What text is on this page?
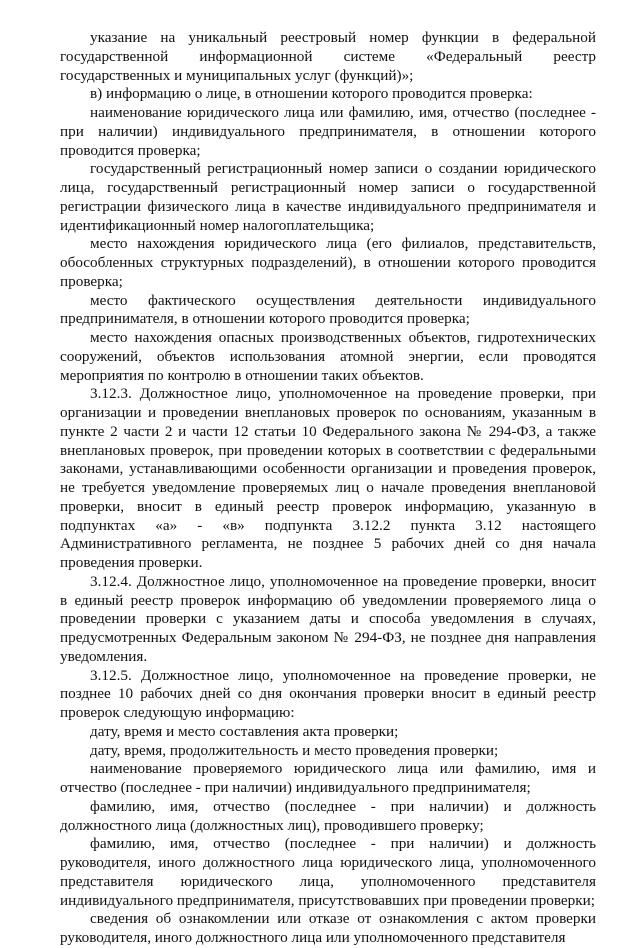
указание на уникальный реестровый номер функции в федеральной государственной информационной системе «Федеральный реестр государственных и муниципальных услуг (функций)»;

в) информацию о лице, в отношении которого проводится проверка:

наименование юридического лица или фамилию, имя, отчество (последнее - при наличии) индивидуального предпринимателя, в отношении которого проводится проверка;

государственный регистрационный номер записи о создании юридического лица, государственный регистрационный номер записи о государственной регистрации физического лица в качестве индивидуального предпринимателя и идентификационный номер налогоплательщика;

место нахождения юридического лица (его филиалов, представительств, обособленных структурных подразделений), в отношении которого проводится проверка;

место фактического осуществления деятельности индивидуального предпринимателя, в отношении которого проводится проверка;

место нахождения опасных производственных объектов, гидротехнических сооружений, объектов использования атомной энергии, если проводятся мероприятия по контролю в отношении таких объектов.

3.12.3. Должностное лицо, уполномоченное на проведение проверки, при организации и проведении внеплановых проверок по основаниям, указанным в пункте 2 части 2 и части 12 статьи 10 Федерального закона № 294-ФЗ, а также внеплановых проверок, при проведении которых в соответствии с федеральными законами, устанавливающими особенности организации и проведения проверок, не требуется уведомление проверяемых лиц о начале проведения внеплановой проверки, вносит в единый реестр проверок информацию, указанную в подпунктах «а» - «в» подпункта 3.12.2 пункта 3.12 настоящего Административного регламента, не позднее 5 рабочих дней со дня начала проведения проверки.

3.12.4. Должностное лицо, уполномоченное на проведение проверки, вносит в единый реестр проверок информацию об уведомлении проверяемого лица о проведении проверки с указанием даты и способа уведомления в случаях, предусмотренных Федеральным законом № 294-ФЗ, не позднее дня направления уведомления.

3.12.5. Должностное лицо, уполномоченное на проведение проверки, не позднее 10 рабочих дней со дня окончания проверки вносит в единый реестр проверок следующую информацию:

дату, время и место составления акта проверки;

дату, время, продолжительность и место проведения проверки;

наименование проверяемого юридического лица или фамилию, имя и отчество (последнее - при наличии) индивидуального предпринимателя;

фамилию, имя, отчество (последнее - при наличии) и должность должностного лица (должностных лиц), проводившего проверку;

фамилию, имя, отчество (последнее - при наличии) и должность руководителя, иного должностного лица юридического лица, уполномоченного представителя юридического лица, уполномоченного представителя индивидуального предпринимателя, присутствовавших при проведении проверки;

сведения об ознакомлении или отказе от ознакомления с актом проверки руководителя, иного должностного лица или уполномоченного представителя
